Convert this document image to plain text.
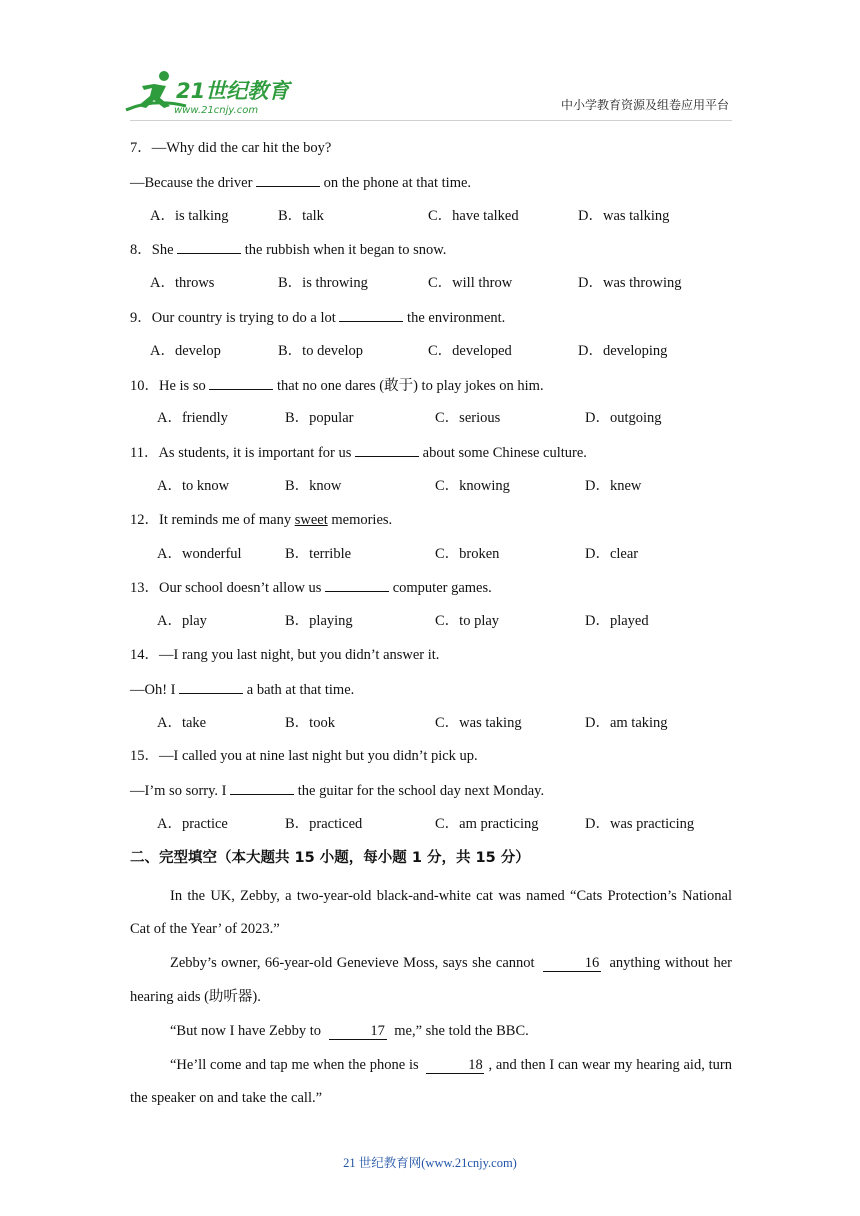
21世纪教育
www.21cnjy.com	中小学教育资源及组卷应用平台
7．—Why did the car hit the boy?
—Because the driver	on the phone at that time.
A．is talking	B．talk	C．have talked	D．was talking
8．She	the rubbish when it began to snow.
A．throws	B．is throwing	C．will throw	D．was throwing
9．Our country is trying to do a lot	the environment.
A．develop	B．to develop	C．developed	D．developing
10．He is so	that no one dares (敢于) to play jokes on him.
A．friendly	B．popular	C．serious	D．outgoing
11．As students, it is important for us	about some Chinese culture.
A．to know	B．know	C．knowing	D．knew
12．It reminds me of many sweet memories.
A．wonderful	B．terrible	C．broken	D．clear
13．Our school doesn’t allow us	computer games.
A．play	B．playing	C．to play	D．played
14．—I rang you last night, but you didn’t answer it.
—Oh! I	a bath at that time.
A．take	B．took	C．was taking	D．am taking
15．—I called you at nine last night but you didn’t pick up.
—I’m so sorry. I	the guitar for the school day next Monday.
A．practice	B．practiced	C．am practicing	D．was practicing
二、完型填空（本大题共 15 小题，每小题 1 分，共 15 分）
In the UK, Zebby, a two-year-old black-and-white cat was named “Cats Protection’s National Cat of the Year’ of 2023.”
Zebby’s owner, 66-year-old Genevieve Moss, says she cannot	16 anything without her hearing aids (助听器).
“But now I have Zebby to	17 me,” she told the BBC.
“He’ll come and tap me when the phone is	18 , and then I can wear my hearing aid, turn the speaker on and take the call.”
21 世纪教育网(www.21cnjy.com)
